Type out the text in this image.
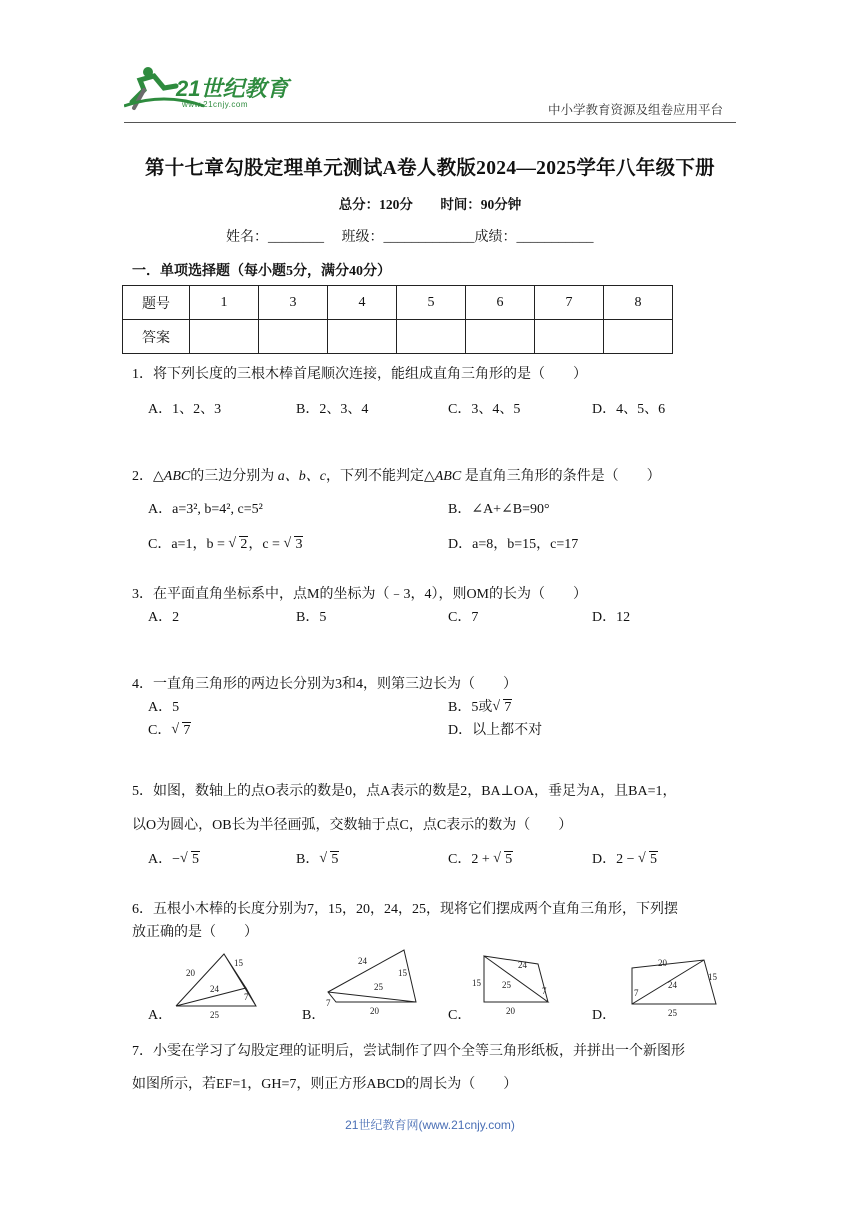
21世纪教育
www.21cnjy.com	中小学教育资源及组卷应用平台
第十七章勾股定理单元测试A卷人教版2024—2025学年八年级下册
总分：120分 时间：90分钟
姓名：________     班级：_____________成绩：___________
一．单项选择题（每小题5分，满分40分）
题号	1	3	4	5	6	7	8
答案							
1．将下列长度的三根木棒首尾顺次连接，能组成直角三角形的是（　　）
A．1、2、3	B．2、3、4	C．3、4、5	D．4、5、6
2．△ABC的三边分别为 a、b、c，下列不能判定△ABC 是直角三角形的条件是（　　）
A．a=3², b=4², c=5²	B．∠A+∠B=90°
C．a=1，b = √ 2，c = √ 3	D．a=8，b=15，c=17
3．在平面直角坐标系中，点M的坐标为（﹣3，4），则OM的长为（　　）
A．2	B．5	C．7	D．12
4．一直角三角形的两边长分别为3和4，则第三边长为（　　）
A．5	B．5或 √ 7
C． √ 7	D．以上都不对
5．如图，数轴上的点O表示的数是0，点A表示的数是2，BA⊥OA，垂足为A，且BA=1，
以O为圆心，OB长为半径画弧，交数轴于点C，点C表示的数为（　　）
A．− √ 5	B． √ 5	C．2 + √ 5	D．2 − √ 5
6．五根小木棒的长度分别为7，15，20，24，25，现将它们摆成两个直角三角形，下列摆
放正确的是（　　）
A．
20
15
24
7
25	B．
24
15
25
7
20	C．
24
15 25
7
20	D．
20
15
24
7
25
7．小雯在学习了勾股定理的证明后，尝试制作了四个全等三角形纸板，并拼出一个新图形
如图所示，若EF=1，GH=7，则正方形ABCD的周长为（　　）
21世纪教育网(www.21cnjy.com)
